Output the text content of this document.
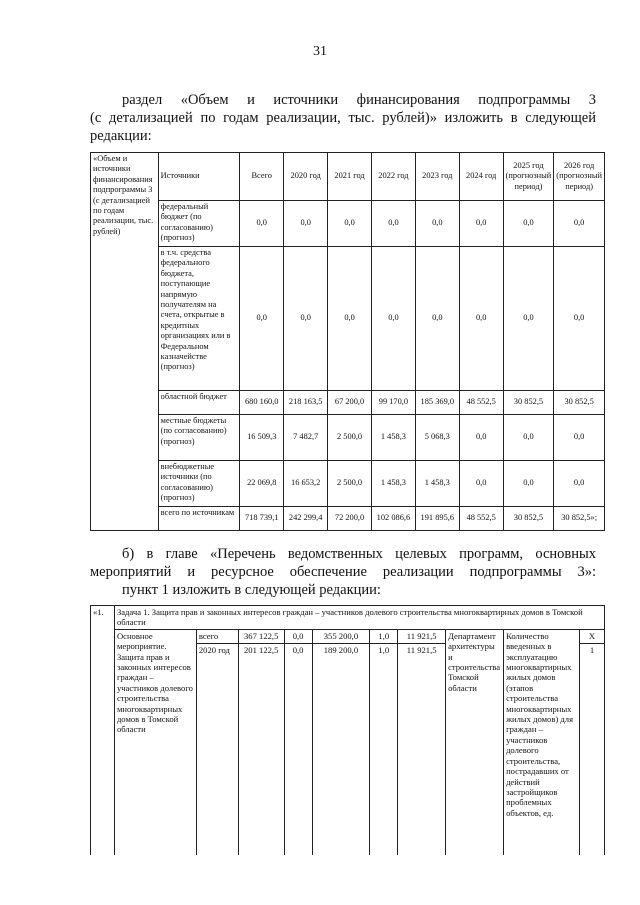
31
раздел «Объем и источники финансирования подпрограммы 3
(с детализацией по годам реализации, тыс. рублей)» изложить в следующей
редакции:
«Объем и источники финансирования подпрограммы 3 (с детализацией по годам реализации, тыс. рублей)	Источники	Всего	2020 год	2021 год	2022 год	2023 год	2024 год	2025 год (прогнозный период)	2026 год (прогнозный период)
	федеральный бюджет (по согласованию) (прогноз)	0,0	0,0	0,0	0,0	0,0	0,0	0,0	0,0
	в т.ч. средства федерального бюджета, поступающие напрямую получателям на счета, открытые в кредитных организациях или в Федеральном казначействе (прогноз)	0,0	0,0	0,0	0,0	0,0	0,0	0,0	0,0
	областной бюджет	680 160,0	218 163,5	67 200,0	99 170,0	185 369,0	48 552,5	30 852,5	30 852,5
	местные бюджеты (по согласованию) (прогноз)	16 509,3	7 482,7	2 500,0	1 458,3	5 068,3	0,0	0,0	0,0
	внебюджетные источники (по согласованию) (прогноз)	22 069,8	16 653,2	2 500,0	1 458,3	1 458,3	0,0	0,0	0,0
	всего по источникам	718 739,1	242 299,4	72 200,0	102 086,6	191 895,6	48 552,5	30 852,5	30 852,5»;
б) в главе «Перечень ведомственных целевых программ, основных
мероприятий и ресурсное обеспечение реализации подпрограммы 3»:
пункт 1 изложить в следующей редакции:
«1.	Задача 1. Защита прав и законных интересов граждан – участников долевого строительства многоквартирных домов в Томской области									
	Основное мероприятие. Защита прав и законных интересов граждан – участников долевого строительства многоквартирных домов в Томской области	всего	367 122,5	0,0	355 200,0	1,0	11 921,5	Департамент архитектуры и строительства Томской области	Количество введенных в эксплуатацию многоквартирных жилых домов (этапов строительства многоквартирных жилых домов) для граждан – участников долевого строительства, пострадавших от действий застройщиков проблемных объектов, ед.	Х
		2020 год	201 122,5	0,0	189 200,0	1,0	11 921,5			1
